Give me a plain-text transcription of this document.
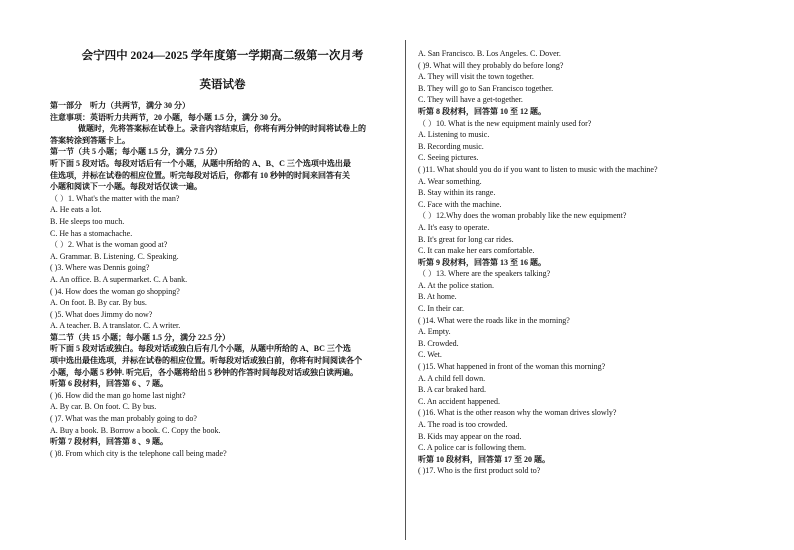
会宁四中 2024—2025 学年度第一学期高二级第一次月考
英语试卷
第一部分　听力（共两节，满分 30 分）
注意事项：英语听力共两节，20 小题，每小题 1.5 分，满分 30 分。
做题时，先将答案标在试卷上。录音内容结束后，你将有两分钟的时间将试卷上的
答案转涂到答题卡上。
第一节（共 5 小题；每小题 1.5 分，满分 7.5 分）
听下面 5 段对话。每段对话后有一个小题，从题中所给的 A、B、C 三个选项中选出最
佳选项，并标在试卷的相应位置。听完每段对话后，你都有 10 秒钟的时间来回答有关
小题和阅读下一小题。每段对话仅读一遍。
（ ）1. What's the matter with the man?
A. He eats a lot.
B. He sleeps too much.
C. He has a stomachache.
（ ）2. What is the woman good at?
A. Grammar. B. Listening. C. Speaking.
( )3. Where was Dennis going?
A. An office. B. A supermarket. C. A bank.
( )4. How does the woman go shopping?
A. On foot. B. By car. By bus.
( )5. What does Jimmy do now?
A. A teacher. B. A translator. C. A writer.
第二节（共 15 小题；每小题 1.5 分，满分 22.5 分）
听下面 5 段对话或独白。每段对话或独白后有几个小题，从题中所给的 A、BC 三个选
项中选出最佳选项，并标在试卷的相应位置。听每段对话或独白前，你将有时间阅读各个
小题，每小题 5 秒钟. 听完后，各小题将给出 5 秒钟的作答时间每段对话或独白读两遍。
听第 6 段材料，回答第 6 、7 题。
( )6. How did the man go home last night?
A. By car. B. On foot. C. By bus.
( )7. What was the man probably going to do?
A. Buy a book. B. Borrow a book. C. Copy the book.
听第 7 段材料，回答第 8 、9 题。
( )8. From which city is the telephone call being made?
A. San Francisco. B. Los Angeles. C. Dover.
( )9. What will they probably do before long?
A. They will visit the town together.
B. They will go to San Francisco together.
C. They will have a get-together.
听第 8 段材料，回答第 10 至 12 题。
（ ）10. What is the new equipment mainly used for?
A. Listening to music.
B. Recording music.
C. Seeing pictures.
( )11. What should you do if you want to listen to music with the machine?
A. Wear something.
B. Stay within its range.
C. Face with the machine.
（ ）12.Why does the woman probably like the new equipment?
A. It's easy to operate.
B. It's great for long car rides.
C. It can make her ears comfortable.
听第 9 段材料，回答第 13 至 16 题。
（ ）13. Where are the speakers talking?
A. At the police station.
B. At home.
C. In their car.
( )14. What were the roads like in the morning?
A. Empty.
B. Crowded.
C. Wet.
( )15. What happened in front of the woman this morning?
A. A child fell down.
B. A car braked hard.
C. An accident happened.
( )16. What is the other reason why the woman drives slowly?
A. The road is too crowded.
B. Kids may appear on the road.
C. A police car is following them.
听第 10 段材料，回答第 17 至 20 题。
( )17. Who is the first product sold to?
